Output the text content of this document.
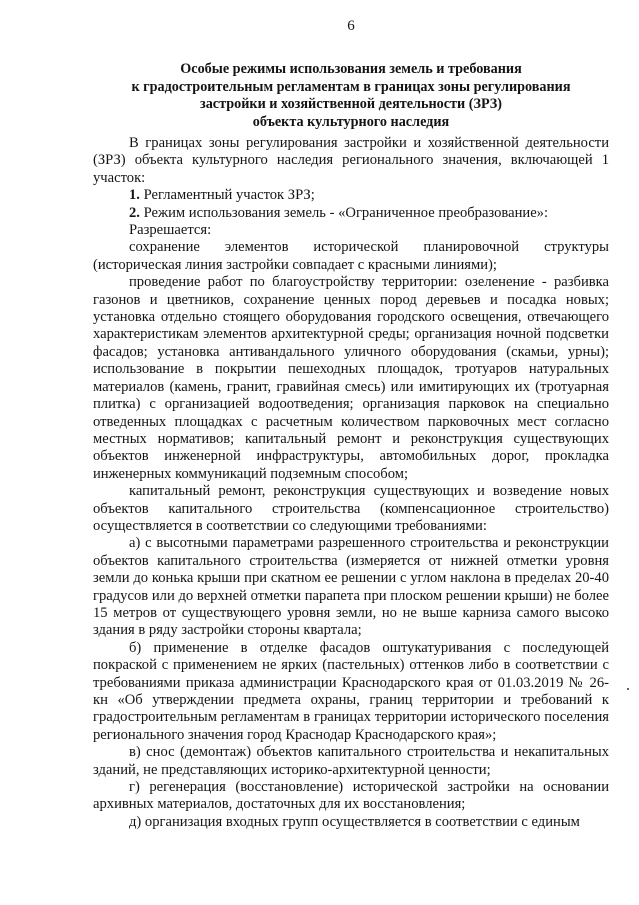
6
Особые режимы использования земель и требования
к градостроительным регламентам в границах зоны регулирования
застройки и хозяйственной деятельности (ЗРЗ)
объекта культурного наследия

В границах зоны регулирования застройки и хозяйственной деятельности (ЗРЗ) объекта культурного наследия регионального значения, включающей 1 участок:

1. Регламентный участок ЗРЗ;

2. Режим использования земель - «Ограниченное преобразование»:

Разрешается:

сохранение элементов исторической планировочной структуры (историческая линия застройки совпадает с красными линиями);

проведение работ по благоустройству территории: озеленение - разбивка газонов и цветников, сохранение ценных пород деревьев и посадка новых; установка отдельно стоящего оборудования городского освещения, отвечающего характеристикам элементов архитектурной среды; организация ночной подсветки фасадов; установка антивандального уличного оборудования (скамьи, урны); использование в покрытии пешеходных площадок, тротуаров натуральных материалов (камень, гранит, гравийная смесь) или имитирующих их (тротуарная плитка) с организацией водоотведения; организация парковок на специально отведенных площадках с расчетным количеством парковочных мест согласно местных нормативов; капитальный ремонт и реконструкция существующих объектов инженерной инфраструктуры, автомобильных дорог, прокладка инженерных коммуникаций подземным способом;

капитальный ремонт, реконструкция существующих и возведение новых объектов капитального строительства (компенсационное строительство) осуществляется в соответствии со следующими требованиями:

а) с высотными параметрами разрешенного строительства и реконструкции объектов капитального строительства (измеряется от нижней отметки уровня земли до конька крыши при скатном ее решении с углом наклона в пределах 20-40 градусов или до верхней отметки парапета при плоском решении крыши) не более 15 метров от существующего уровня земли, но не выше карниза самого высоко здания в ряду застройки стороны квартала;

б) применение в отделке фасадов оштукатуривания с последующей покраской с применением не ярких (пастельных) оттенков либо в соответствии с требованиями приказа администрации Краснодарского края от 01.03.2019 № 26-кн «Об утверждении предмета охраны, границ территории и требований к градостроительным регламентам в границах территории исторического поселения регионального значения город Краснодар Краснодарского края»;

в) снос (демонтаж) объектов капитального строительства и некапитальных зданий, не представляющих историко-архитектурной ценности;

г) регенерация (восстановление) исторической застройки на основании архивных материалов, достаточных для их восстановления;

д) организация входных групп осуществляется в соответствии с единым
